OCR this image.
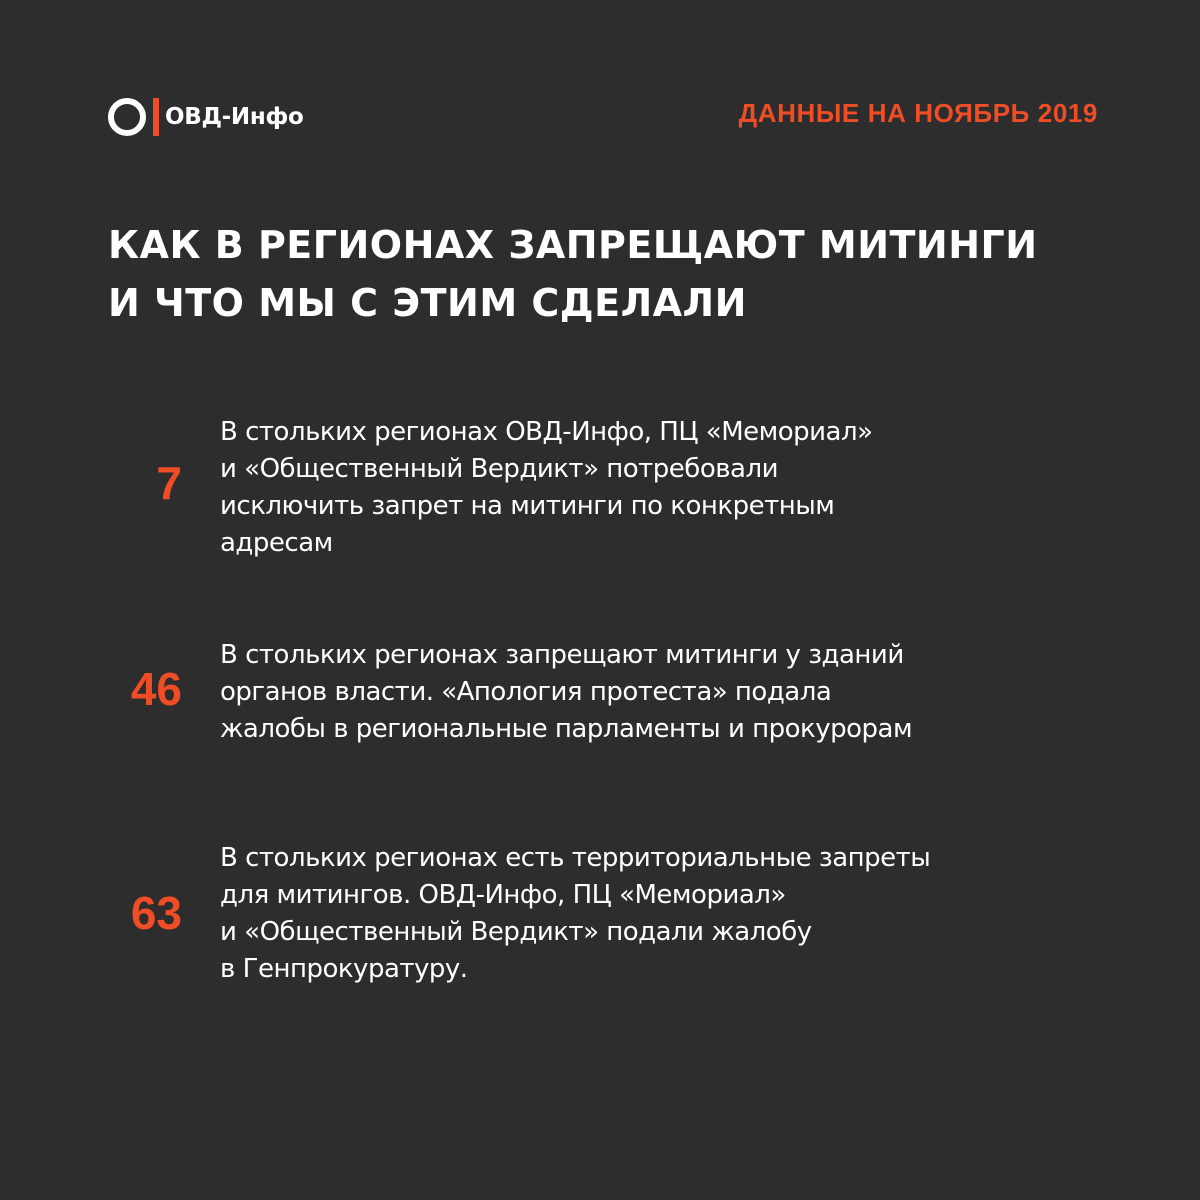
ОВД-Инфо	ДАННЫЕ НА НОЯБРЬ 2019
КАК В РЕГИОНАХ ЗАПРЕЩАЮТ МИТИНГИ
И ЧТО МЫ С ЭТИМ СДЕЛАЛИ
7

В стольких регионах ОВД-Инфо, ПЦ «Мемориал»
и «Общественный Вердикт» потребовали
исключить запрет на митинги по конкретным
адресам

46

В стольких регионах запрещают митинги у зданий
органов власти. «Апология протеста» подала
жалобы в региональные парламенты и прокурорам

63

В стольких регионах есть территориальные запреты
для митингов. ОВД-Инфо, ПЦ «Мемориал»
и «Общественный Вердикт» подали жалобу
в Генпрокуратуру.
